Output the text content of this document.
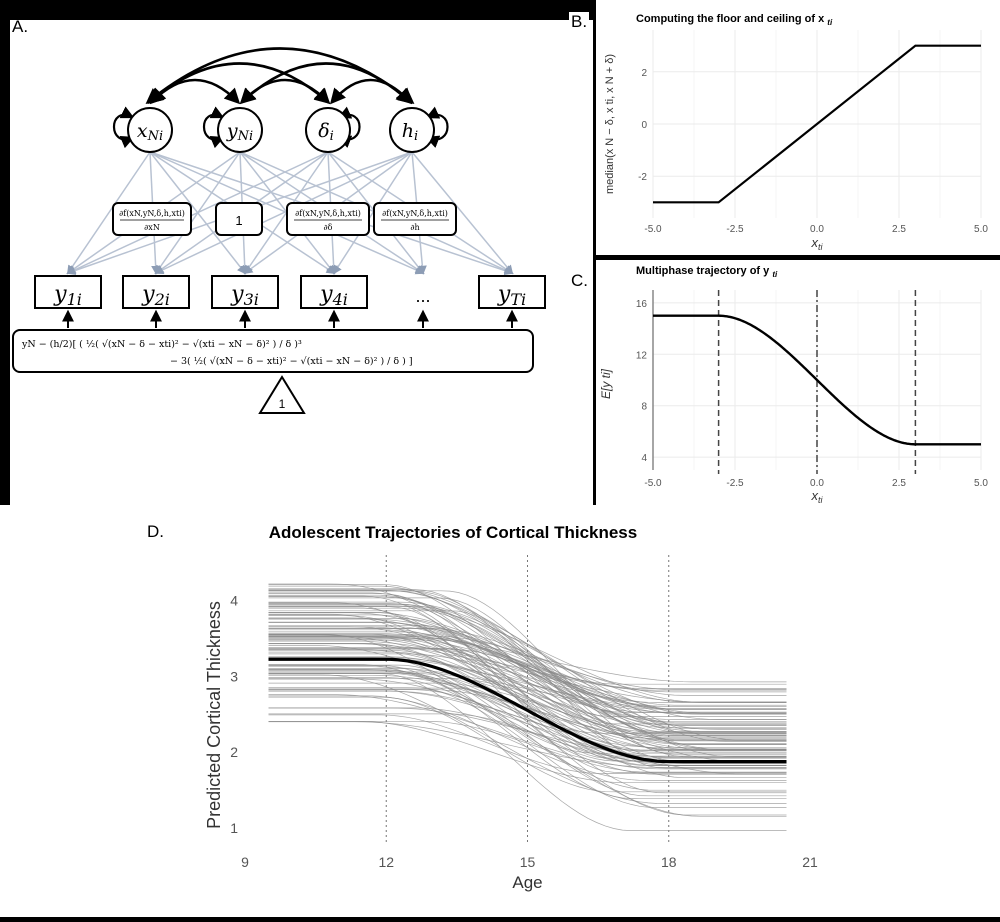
A.
xNi	yNi	δi	hi
∂f(xN,yN,δ,h,xti)
∂xN	1	∂f(xN,yN,δ,h,xti)
∂δ
∂f(xN,yN,δ,h,xti)
∂h
y1i	y2i	y3i	y4i	...	yTi
yN − (h/2)[ ( ½( √(xN − δ − xti)² − √(xti − xN − δ)² ) / δ )³
− 3( ½( √(xN − δ − xti)² − √(xti − xN − δ)² ) / δ ) ]
1
B.
-5.0	-2.5	0.0	2.5	5.0
-2
0
2
Computing the floor and ceiling of x $_{ti}$
$x_{ti}$
median(x N − δ, x ti, x N + δ)
C.
-5.0	-2.5	0.0	2.5	5.0
4
8
12
16
Multiphase trajectory of y $_{ti}$
$x_{ti}$
E[y ti]
D.	Adolescent Trajectories of Cortical Thickness
9	12	15	18	21
1
2
3
4
Age
Predicted Cortical Thickness
